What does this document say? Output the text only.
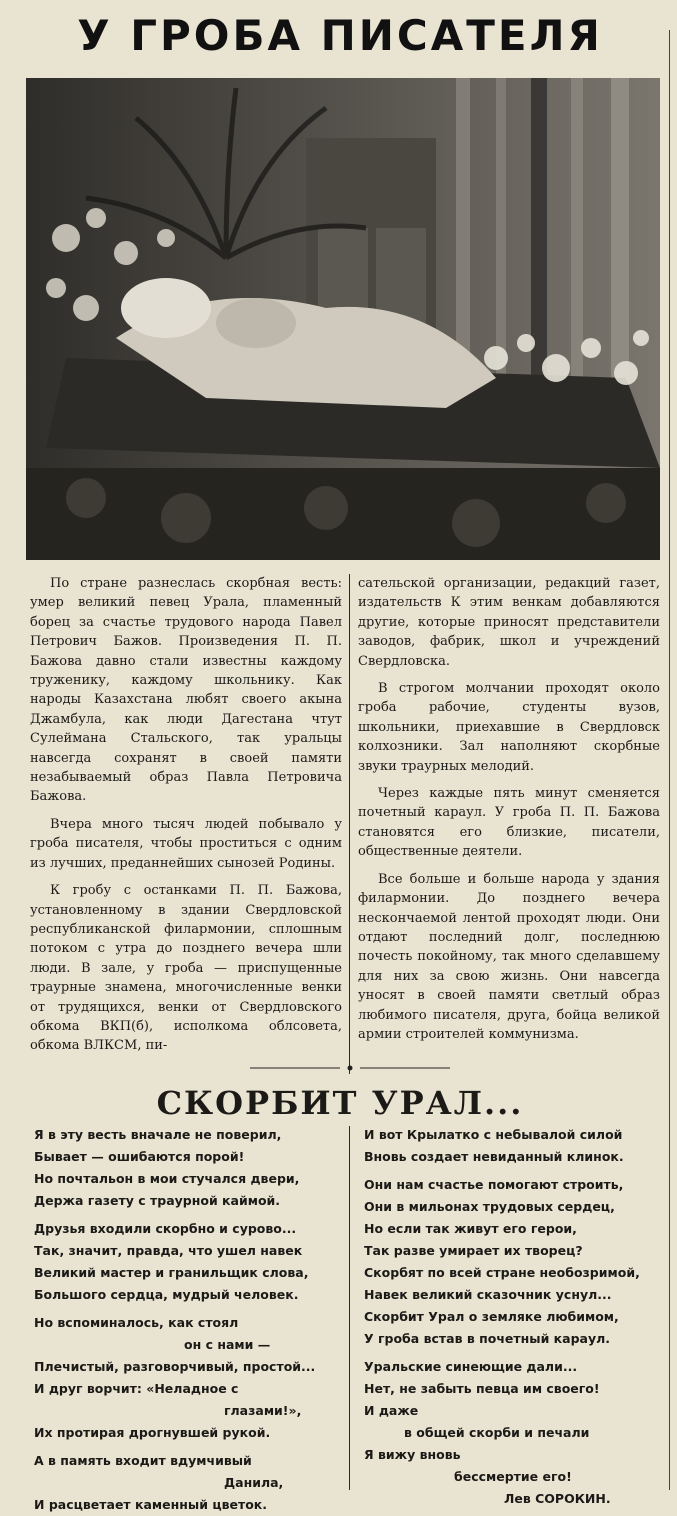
У ГРОБА ПИСАТЕЛЯ

По стране разнеслась скорбная весть: умер великий певец Урала, пламенный борец за счастье трудового народа Павел Петрович Бажов. Произведения П. П. Бажова давно стали известны каждому труженику, каждому школьнику. Как народы Казахстана любят своего акына Джамбула, как люди Дагестана чтут Сулеймана Стальского, так уральцы навсегда сохранят в своей памяти незабываемый образ Павла Петровича Бажова.

Вчера много тысяч людей побывало у гроба писателя, чтобы проститься с одним из лучших, преданнейших сынозей Родины.

К гробу с останками П. П. Бажова, установленному в здании Свердловской республиканской филармонии, сплошным потоком с утра до позднего вечера шли люди. В зале, у гроба — приспущенные траурные знамена, многочисленные венки от трудящихся, венки от Свердловского обкома ВКП(б), исполкома облсовета, обкома ВЛКСМ, пи-

сательской организации, редакций газет, издательств К этим венкам добавляются другие, которые приносят представители заводов, фабрик, школ и учреждений Свердловска.

В строгом молчании проходят около гроба рабочие, студенты вузов, школьники, приехавшие в Свердловск колхозники. Зал наполняют скорбные звуки траурных мелодий.

Через каждые пять минут сменяется почетный караул. У гроба П. П. Бажова становятся его близкие, писатели, общественные деятели.

Все больше и больше народа у здания филармонии. До позднего вечера нескончаемой лентой проходят люди. Они отдают последний долг, последнюю почесть покойному, так много сделавшему для них за свою жизнь. Они навсегда уносят в своей памяти светлый образ любимого писателя, друга, бойца великой армии строителей коммунизма.

СКОРБИТ УРАЛ...
Я в эту весть вначале не поверил,
Бывает — ошибаются порой!
Но почтальон в мои стучался двери,
Держа газету с траурной каймой.
Друзья входили скорбно и сурово...
Так, значит, правда, что ушел навек
Великий мастер и гранильщик слова,
Большого сердца, мудрый человек.
Но вспоминалось, как стоял
он с нами —
Плечистый, разговорчивый, простой...
И друг ворчит: «Неладное с
глазами!»,
Их протирая дрогнувшей рукой.
А в память входит вдумчивый
Данила,
И расцветает каменный цветок.
И вот Крылатко с небывалой силой
Вновь создает невиданный клинок.
Они нам счастье помогают строить,
Они в мильонах трудовых сердец,
Но если так живут его герои,
Так разве умирает их творец?
Скорбят по всей стране необозримой,
Навек великий сказочник уснул...
Скорбит Урал о земляке любимом,
У гроба встав в почетный караул.
Уральские синеющие дали...
Нет, не забыть певца им своего!
И даже
в общей скорби и печали
Я вижу вновь
бессмертие его!
Лев СОРОКИН.
